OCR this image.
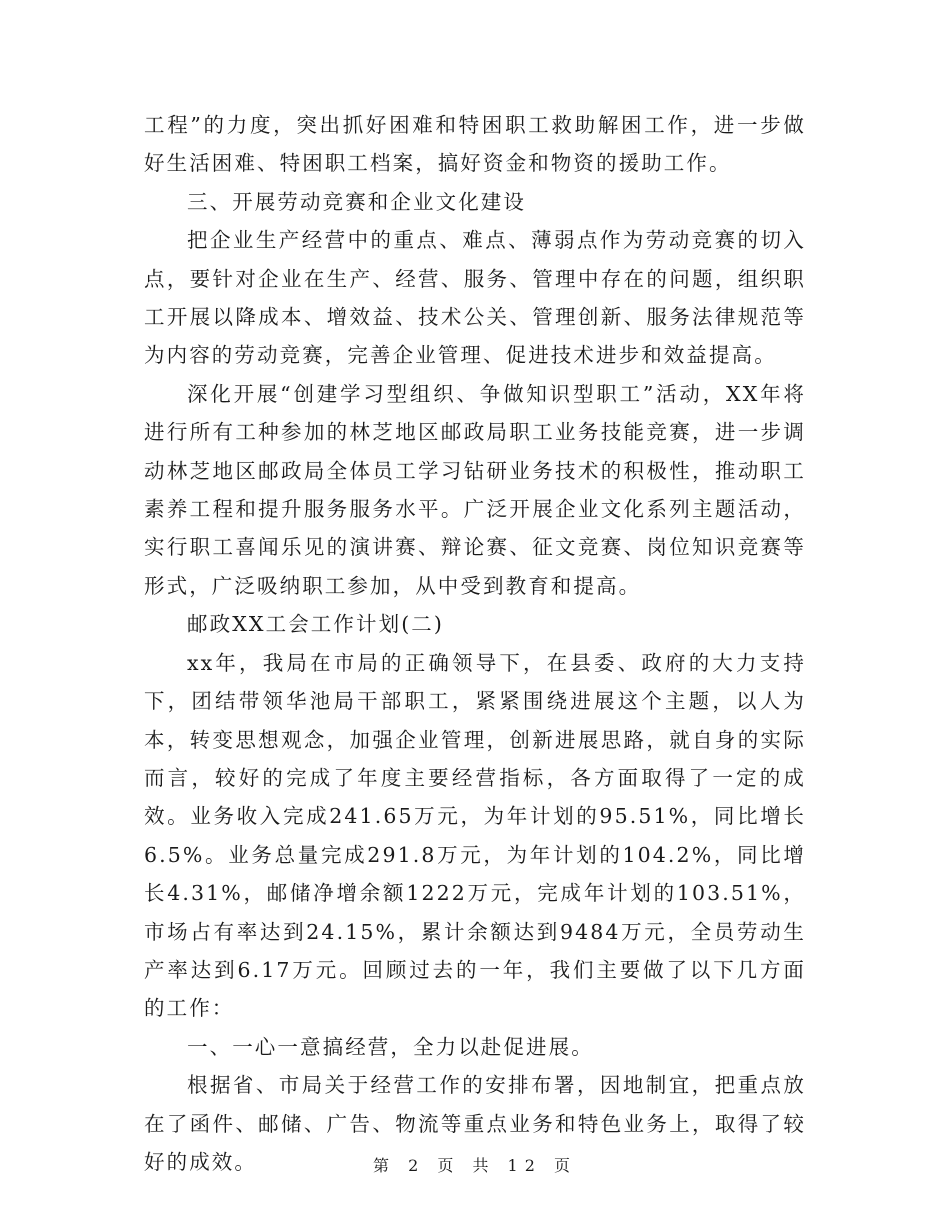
工程”的力度，突出抓好困难和特困职工救助解困工作，进一步做好生活困难、特困职工档案，搞好资金和物资的援助工作。

三、开展劳动竞赛和企业文化建设

把企业生产经营中的重点、难点、薄弱点作为劳动竞赛的切入点，要针对企业在生产、经营、服务、管理中存在的问题，组织职工开展以降成本、增效益、技术公关、管理创新、服务法律规范等为内容的劳动竞赛，完善企业管理、促进技术进步和效益提高。

深化开展“创建学习型组织、争做知识型职工”活动，XX年将进行所有工种参加的林芝地区邮政局职工业务技能竞赛，进一步调动林芝地区邮政局全体员工学习钻研业务技术的积极性，推动职工素养工程和提升服务服务水平。广泛开展企业文化系列主题活动，实行职工喜闻乐见的演讲赛、辩论赛、征文竞赛、岗位知识竞赛等形式，广泛吸纳职工参加，从中受到教育和提高。

邮政XX工会工作计划(二)

xx年，我局在市局的正确领导下，在县委、政府的大力支持下，团结带领华池局干部职工，紧紧围绕进展这个主题，以人为本，转变思想观念，加强企业管理，创新进展思路，就自身的实际而言，较好的完成了年度主要经营指标，各方面取得了一定的成效。业务收入完成241.65万元，为年计划的95.51%，同比增长6.5%。业务总量完成291.8万元，为年计划的104.2%，同比增长4.31%，邮储净增余额1222万元，完成年计划的103.51%，市场占有率达到24.15%，累计余额达到9484万元，全员劳动生产率达到6.17万元。回顾过去的一年，我们主要做了以下几方面的工作：

一、一心一意搞经营，全力以赴促进展。

根据省、市局关于经营工作的安排布署，因地制宜，把重点放在了函件、邮储、广告、物流等重点业务和特色业务上，取得了较好的成效。	第 2 页 共 12 页
